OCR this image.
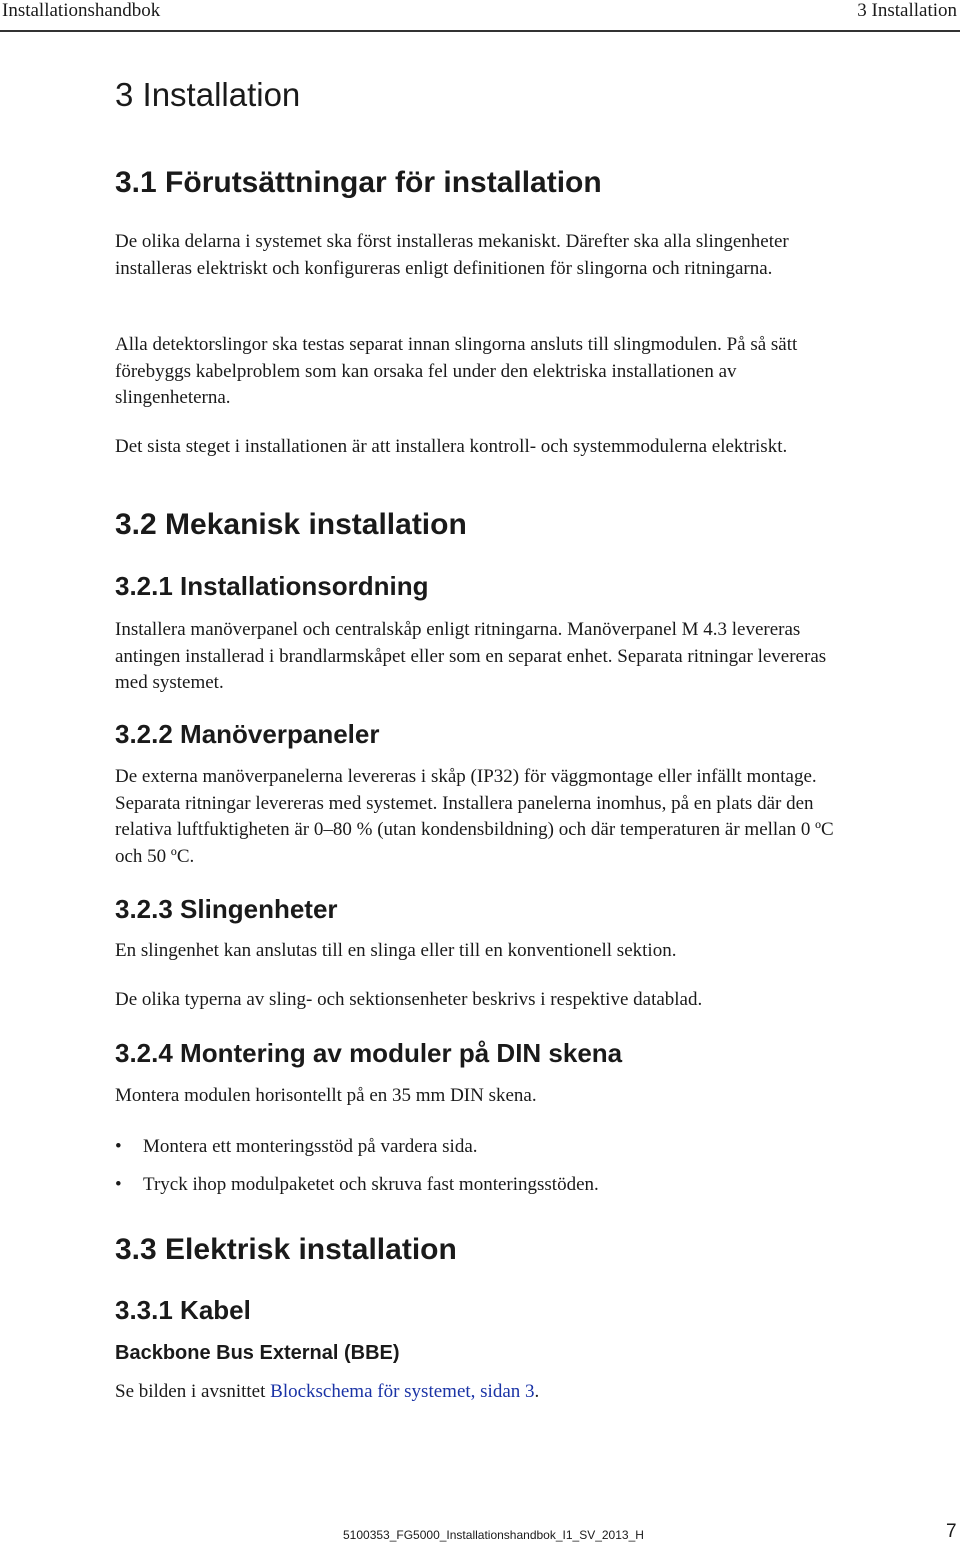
Installationshandbok	3 Installation
3 Installation
3.1 Förutsättningar för installation

De olika delarna i systemet ska först installeras mekaniskt. Därefter ska alla slingenheter installeras elektriskt och konfigureras enligt definitionen för slingorna och ritningarna.

Alla detektorslingor ska testas separat innan slingorna ansluts till slingmodulen. På så sätt förebyggs kabelproblem som kan orsaka fel under den elektriska installationen av slingenheterna.

Det sista steget i installationen är att installera kontroll- och systemmodulerna elektriskt.

3.2 Mekanisk installation
3.2.1 Installationsordning

Installera manöverpanel och centralskåp enligt ritningarna. Manöverpanel M 4.3 levereras antingen installerad i brandlarmskåpet eller som en separat enhet. Separata ritningar levereras med systemet.

3.2.2 Manöverpaneler

De externa manöverpanelerna levereras i skåp (IP32) för väggmontage eller infällt montage. Separata ritningar levereras med systemet. Installera panelerna inomhus, på en plats där den relativa luftfuktigheten är 0–80 % (utan kondensbildning) och där temperaturen är mellan 0 ºC och 50 ºC.

3.2.3 Slingenheter

En slingenhet kan anslutas till en slinga eller till en konventionell sektion.

De olika typerna av sling- och sektionsenheter beskrivs i respektive datablad.

3.2.4 Montering av moduler på DIN skena

Montera modulen horisontellt på en 35 mm DIN skena.

• Montera ett monteringsstöd på vardera sida.
• Tryck ihop modulpaketet och skruva fast monteringsstöden.
3.3 Elektrisk installation
3.3.1 Kabel
Backbone Bus External (BBE)

Se bilden i avsnittet Blockschema för systemet, sidan 3.

5100353_FG5000_Installationshandbok_I1_SV_2013_H	7
